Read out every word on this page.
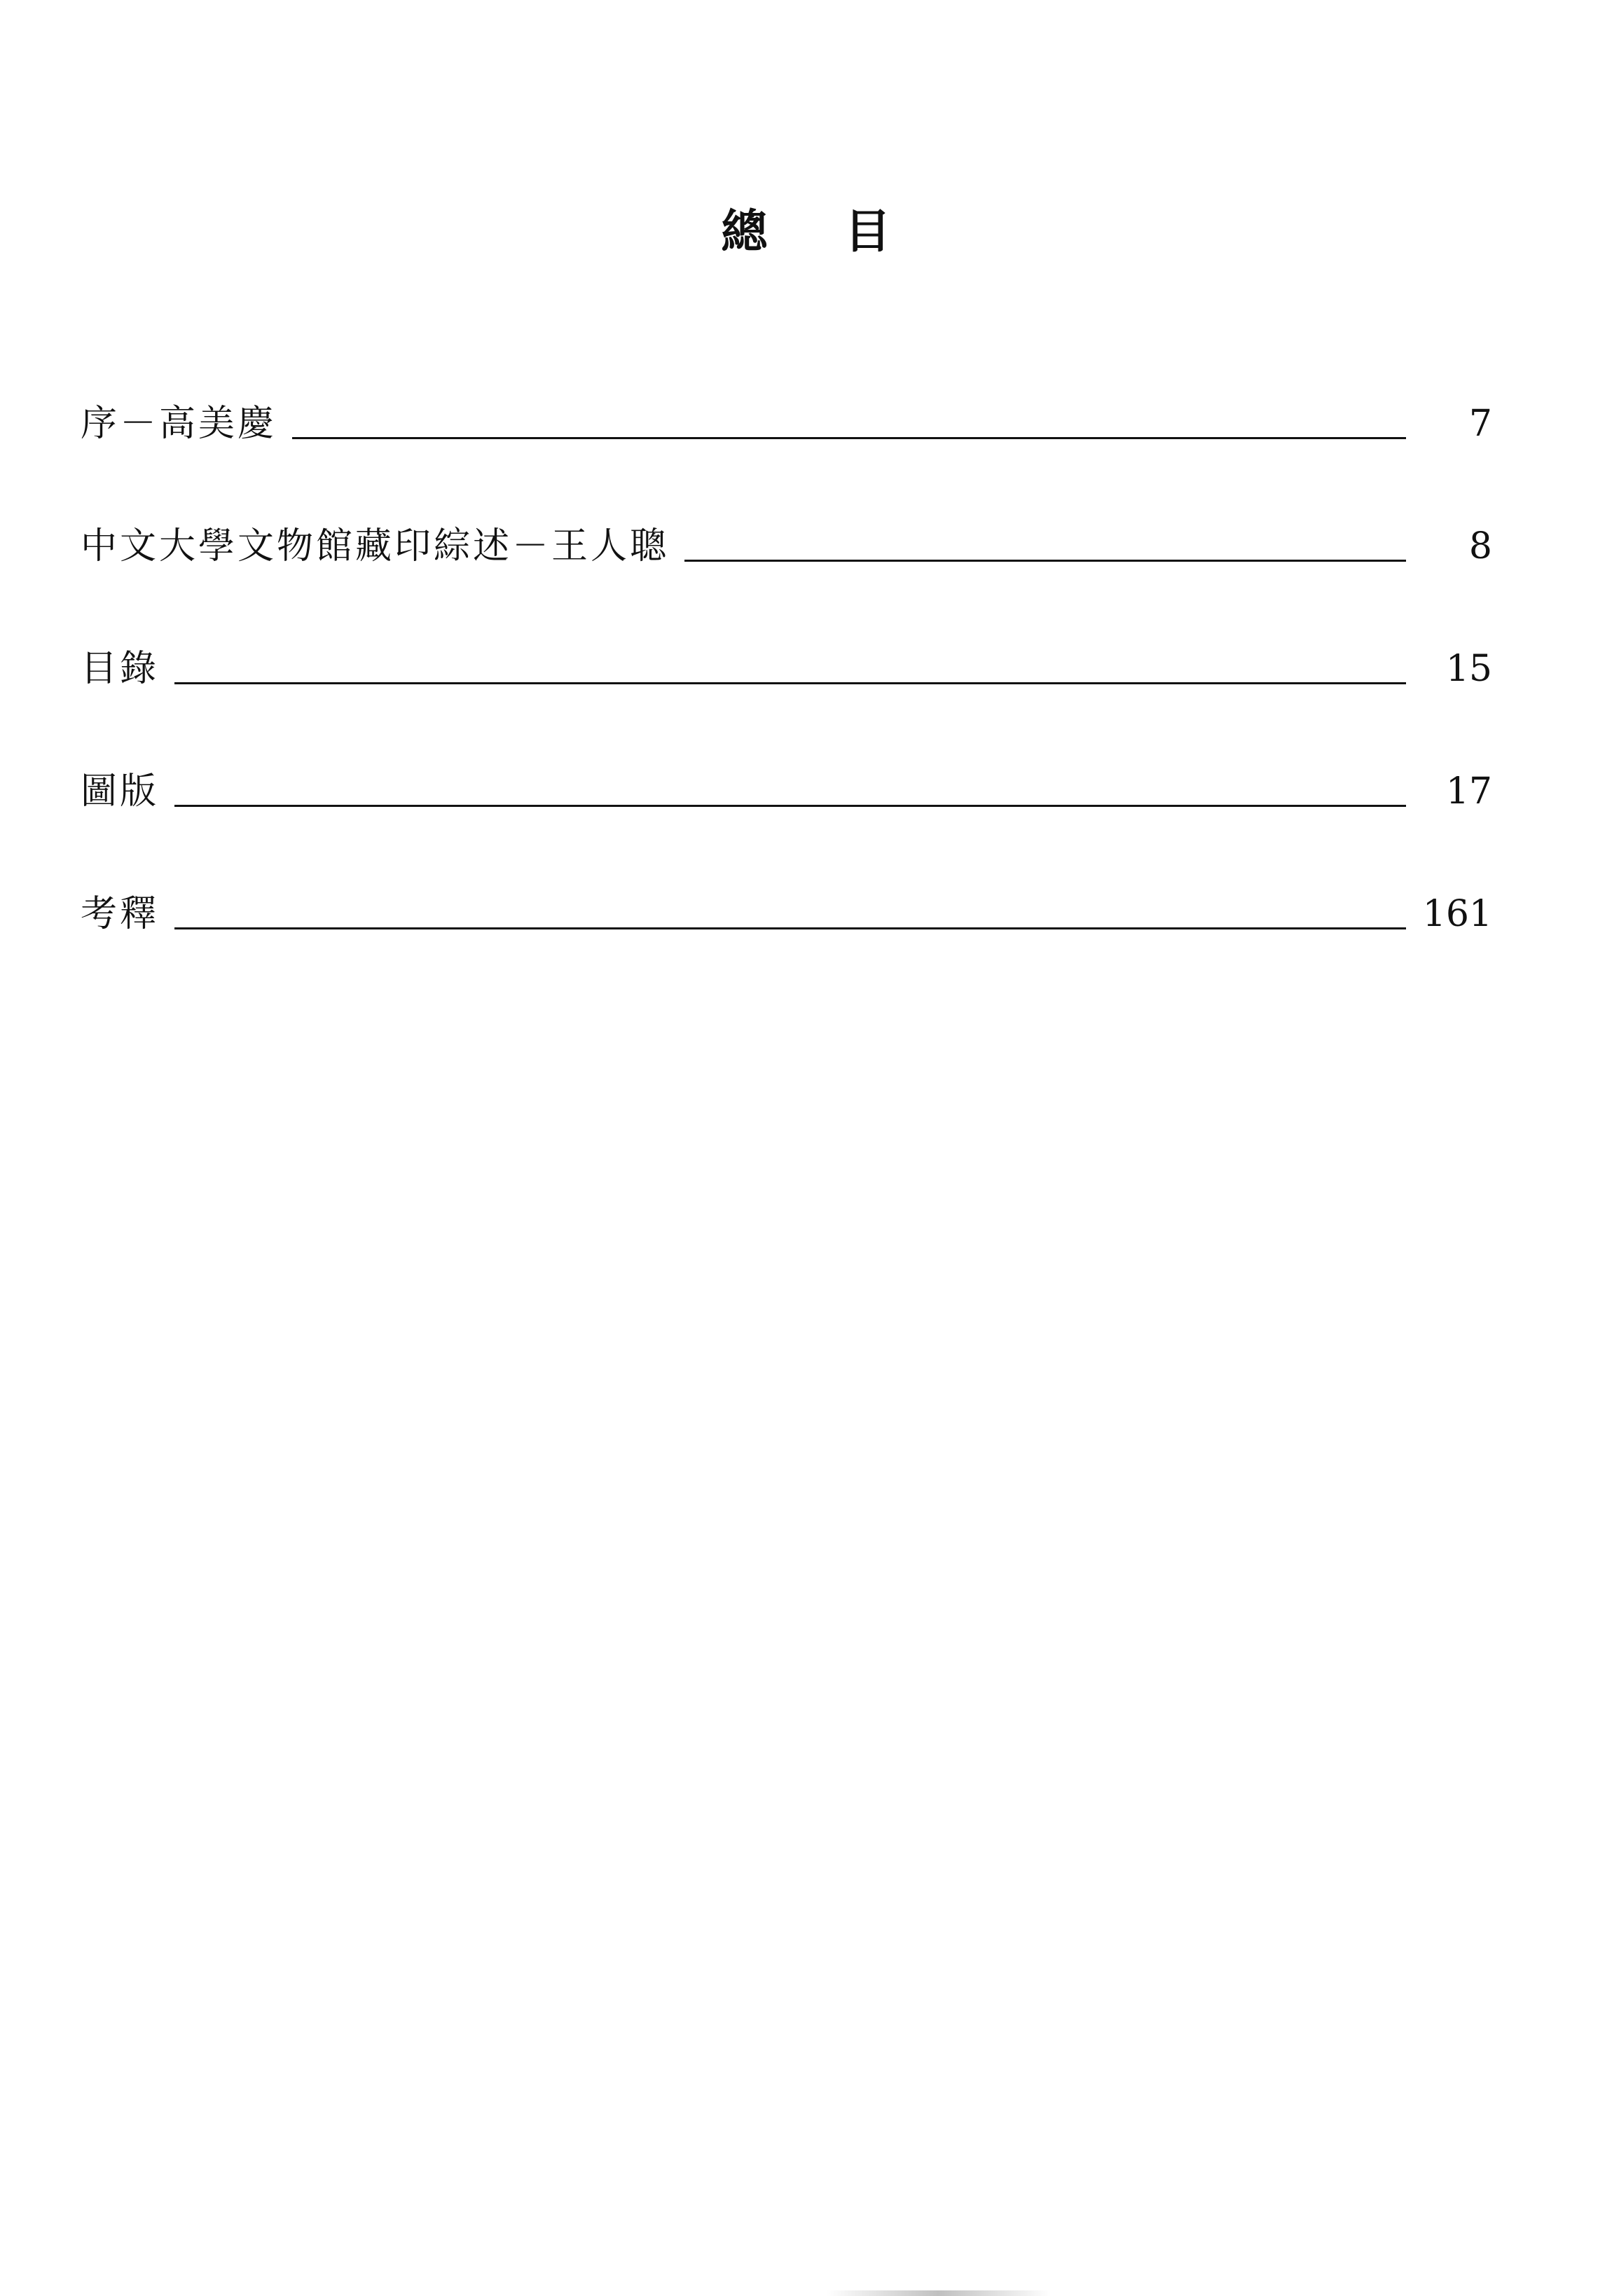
總 目
序－高美慶	7
中文大學文物館藏印綜述－王人聰	8
目錄	15
圖版	17
考釋	161
